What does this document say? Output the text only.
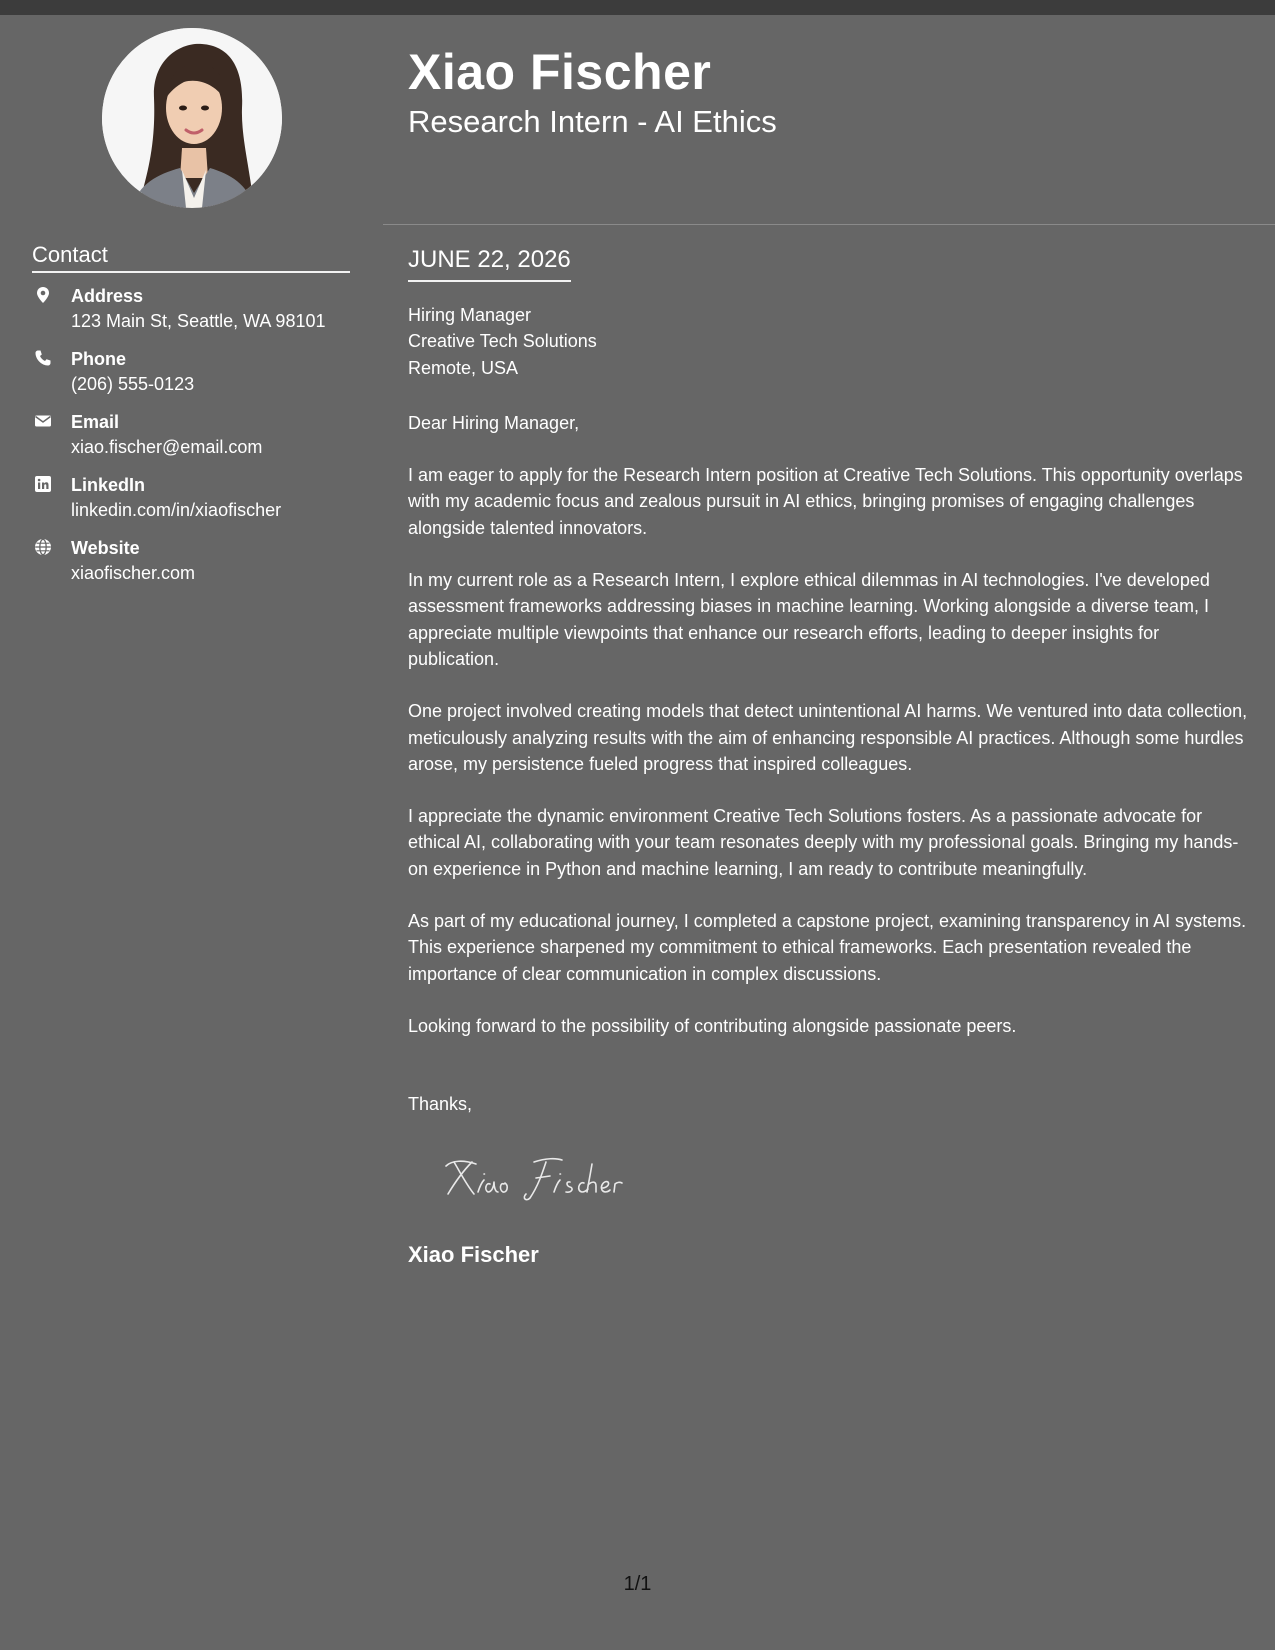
Contact
Address
123 Main St, Seattle, WA 98101
Phone
(206) 555-0123
Email
xiao.fischer@email.com
LinkedIn
linkedin.com/in/xiaofischer
Website
xiaofischer.com
Xiao Fischer
Research Intern - AI Ethics
JUNE 22, 2026
Hiring Manager
Creative Tech Solutions
Remote, USA
Dear Hiring Manager,

I am eager to apply for the Research Intern position at Creative Tech Solutions. This opportunity overlaps with my academic focus and zealous pursuit in AI ethics, bringing promises of engaging challenges alongside talented innovators.

In my current role as a Research Intern, I explore ethical dilemmas in AI technologies. I've developed assessment frameworks addressing biases in machine learning. Working alongside a diverse team, I appreciate multiple viewpoints that enhance our research efforts, leading to deeper insights for publication.

One project involved creating models that detect unintentional AI harms. We ventured into data collection, meticulously analyzing results with the aim of enhancing responsible AI practices. Although some hurdles arose, my persistence fueled progress that inspired colleagues.

I appreciate the dynamic environment Creative Tech Solutions fosters. As a passionate advocate for ethical AI, collaborating with your team resonates deeply with my professional goals. Bringing my hands-on experience in Python and machine learning, I am ready to contribute meaningfully.

As part of my educational journey, I completed a capstone project, examining transparency in AI systems. This experience sharpened my commitment to ethical frameworks. Each presentation revealed the importance of clear communication in complex discussions.

Looking forward to the possibility of contributing alongside passionate peers.

Thanks,
Xiao Fischer
1/1
